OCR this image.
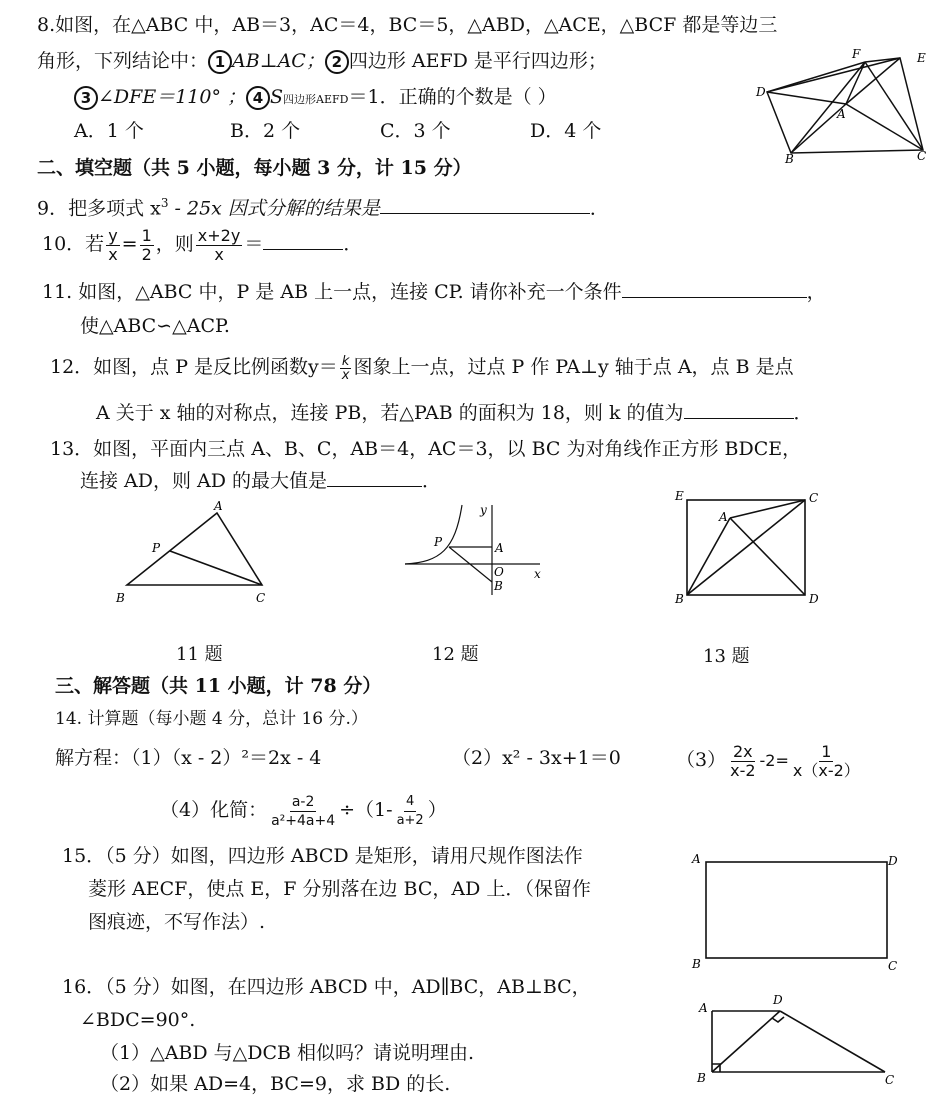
8.如图，在△ABC 中，AB＝3，AC＝4，BC＝5，△ABD，△ACE，△BCF 都是等边三
角形，下列结论中： 1 AB⊥AC； 2 四边形 AEFD 是平行四边形；
3 ∠DFE＝110° ； 4 S四边形AEFD＝1．正确的个数是（ ）
A．1 个	B．2 个	C．3 个	D．4 个
D
F	E
A
B	C
二、填空题（共 5 小题，每小题 3 分，计 15 分）
9．把多项式 $x^3 - 25x$ 因式分解的结果是	．
10．若 $\frac{y}{x} = \frac{1}{2}$ ，则 $\frac{x+2y}{x}$ ＝	．
11. 如图，△ABC 中，P 是 AB 上一点，连接 CP. 请你补充一个条件	，
使△ABC∽△ACP.
12．如图，点 P 是反比例函数$y= \frac{k}{x}$ 图象上一点，过点 P 作 PA⊥y 轴于点 A，点 B 是点
A 关于 x 轴的对称点，连接 PB，若△PAB 的面积为 18，则 k 的值为	．
13．如图，平面内三点 A、B、C，AB＝4，AC＝3，以 BC 为对角线作正方形 BDCE，
连接 AD，则 AD 的最大值是	．
A
P
B	C
y
P	A
O
B
x
E	C
A
B	D
11 题	12 题	13 题
三、解答题（共 11 小题，计 78 分）
14. 计算题（每小题 4 分，总计 16 分.）
解方程：（1）（x - 2）²＝2x - 4	（2）x² - 3x+1＝0	$(3) \frac{2x}{x-2} -2= \frac{1}{x(x-2)}$
（4）化简： $\frac{a-2}{\text{a²+4a+4}} \div(1- \frac{4}{a+2}$ ）
15．（5 分）如图，四边形 ABCD 是矩形，请用尺规作图法作
菱形 AECF，使点 E，F 分别落在边 BC，AD 上．（保留作
图痕迹，不写作法）.
A	D
B	C
16．（5 分）如图，在四边形 ABCD 中，AD∥BC，AB⊥BC，
∠BDC=90°.
（1）△ABD 与△DCB 相似吗？请说明理由.
（2）如果 AD=4，BC=9，求 BD 的长.
A
D
B	C
